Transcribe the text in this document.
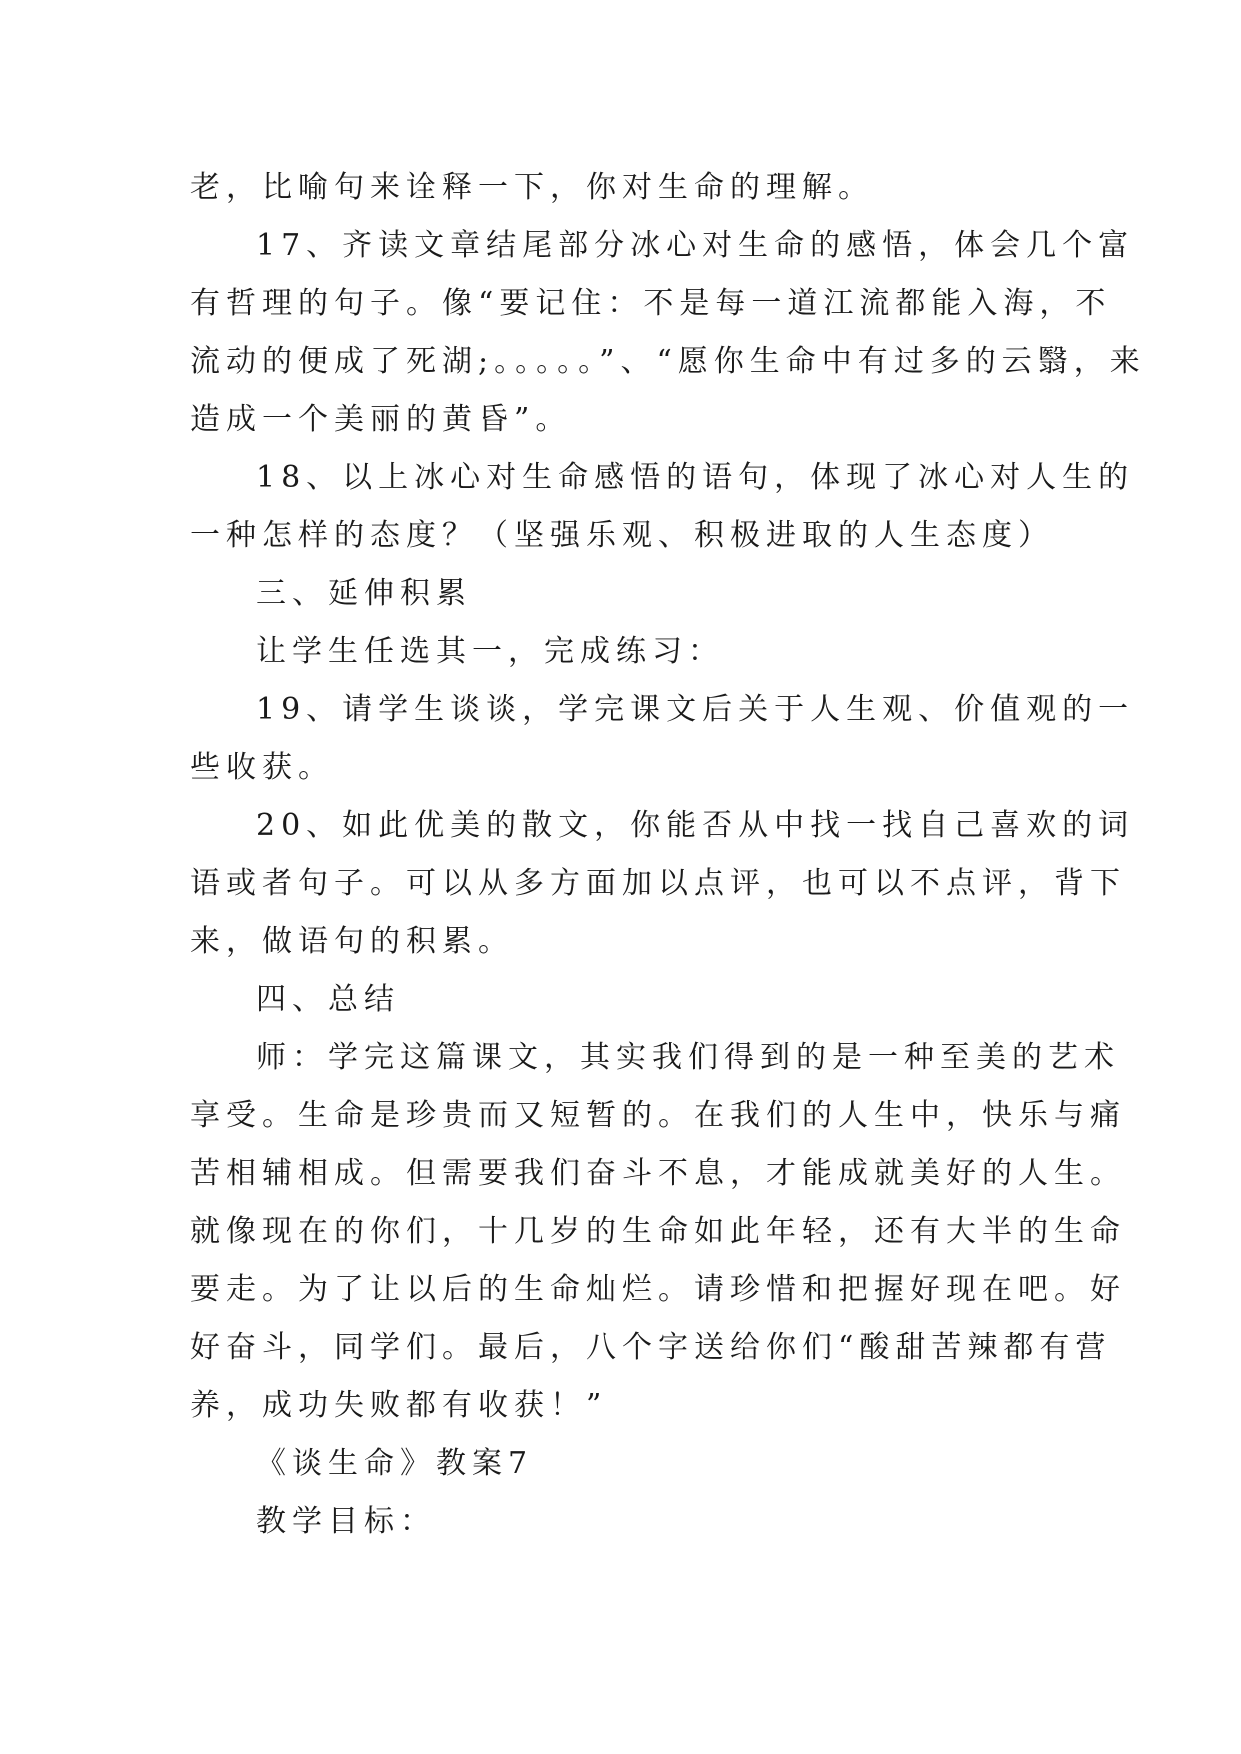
老，比喻句来诠释一下，你对生命的理解。
17、齐读文章结尾部分冰心对生命的感悟，体会几个富
有哲理的句子。像“要记住：不是每一道江流都能入海，不
流动的便成了死湖;。。。。。”、“愿你生命中有过多的云翳，来
造成一个美丽的黄昏”。
18、以上冰心对生命感悟的语句，体现了冰心对人生的
一种怎样的态度？（坚强乐观、积极进取的人生态度）
三、延伸积累
让学生任选其一，完成练习：
19、请学生谈谈，学完课文后关于人生观、价值观的一
些收获。
20、如此优美的散文，你能否从中找一找自己喜欢的词
语或者句子。可以从多方面加以点评，也可以不点评，背下
来，做语句的积累。
四、总结
师：学完这篇课文，其实我们得到的是一种至美的艺术
享受。生命是珍贵而又短暂的。在我们的人生中，快乐与痛
苦相辅相成。但需要我们奋斗不息，才能成就美好的人生。
就像现在的你们，十几岁的生命如此年轻，还有大半的生命
要走。为了让以后的生命灿烂。请珍惜和把握好现在吧。好
好奋斗，同学们。最后，八个字送给你们“酸甜苦辣都有营
养，成功失败都有收获！”
《谈生命》教案7
教学目标：
